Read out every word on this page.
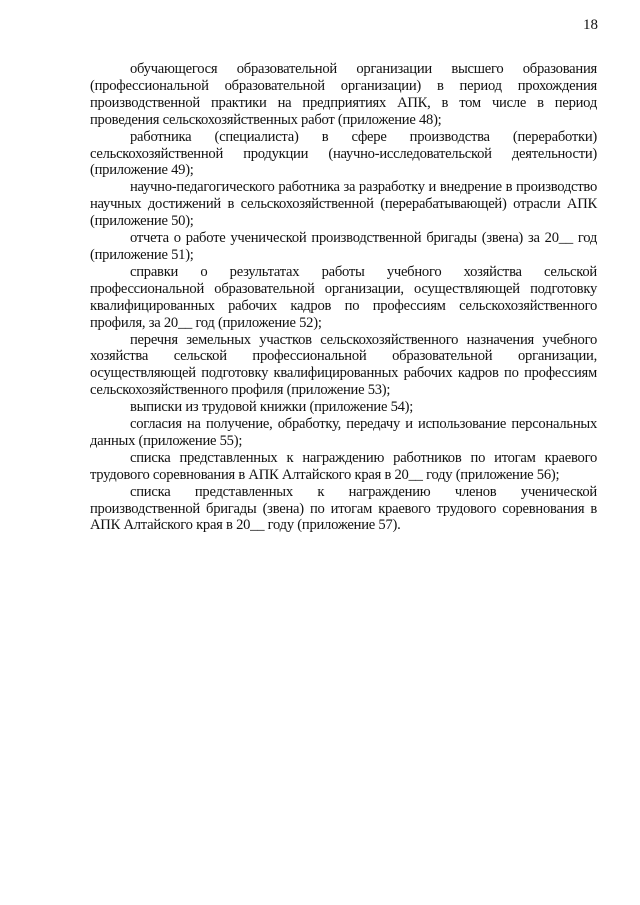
18

обучающегося образовательной организации высшего образования (профессиональной образовательной организации) в период прохождения производственной практики на предприятиях АПК, в том числе в период проведения сельскохозяйственных работ (приложение 48);

работника (специалиста) в сфере производства (переработки) сельскохозяйственной продукции (научно-исследовательской деятельности) (приложение 49);

научно-педагогического работника за разработку и внедрение в производство научных достижений в сельскохозяйственной (перерабатывающей) отрасли АПК (приложение 50);

отчета о работе ученической производственной бригады (звена) за 20__ год (приложение 51);

справки о результатах работы учебного хозяйства сельской профессиональной образовательной организации, осуществляющей подготовку квалифицированных рабочих кадров по профессиям сельскохозяйственного профиля, за 20__ год (приложение 52);

перечня земельных участков сельскохозяйственного назначения учебного хозяйства сельской профессиональной образовательной организации, осуществляющей подготовку квалифицированных рабочих кадров по профессиям сельскохозяйственного профиля (приложение 53);

выписки из трудовой книжки (приложение 54);

согласия на получение, обработку, передачу и использование персональных данных (приложение 55);

списка представленных к награждению работников по итогам краевого трудового соревнования в АПК Алтайского края в 20__ году (приложение 56);

списка представленных к награждению членов ученической производственной бригады (звена) по итогам краевого трудового соревнования в АПК Алтайского края в 20__ году (приложение 57).
